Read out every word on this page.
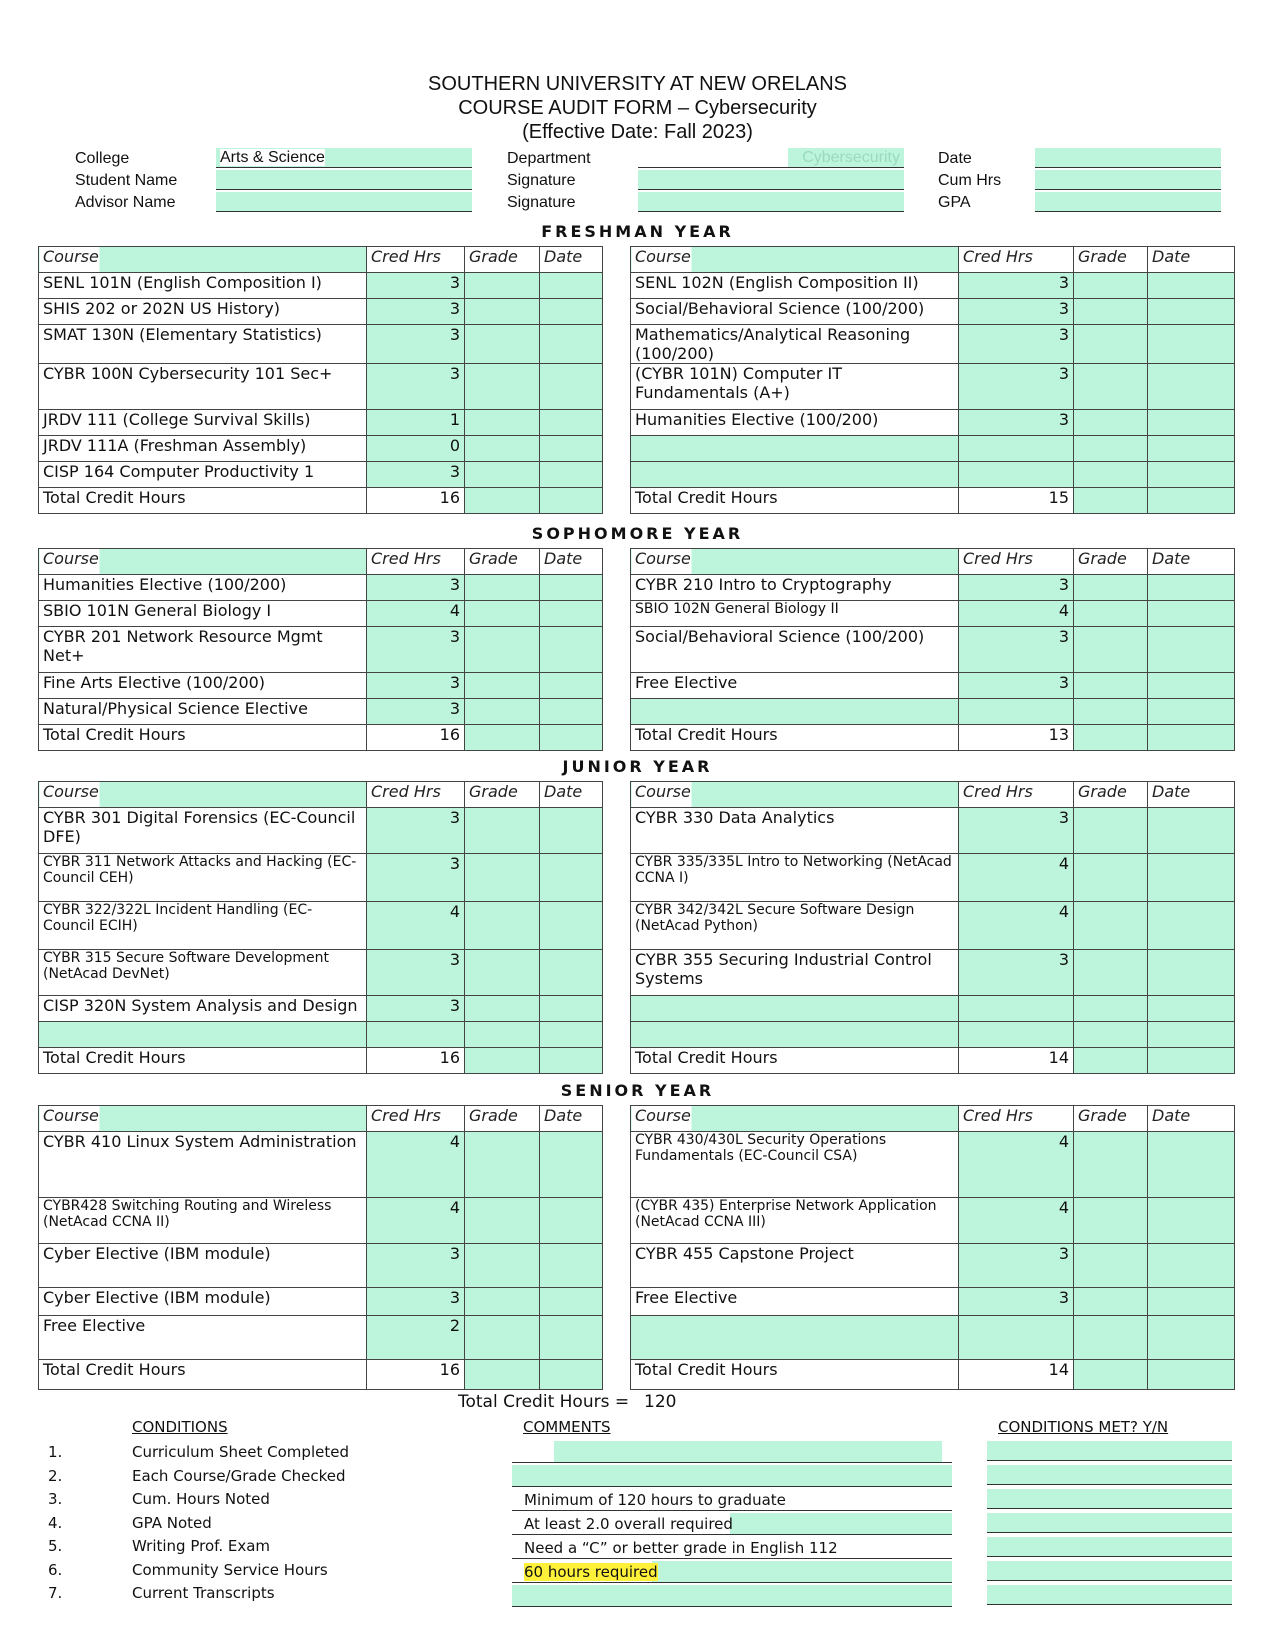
SOUTHERN UNIVERSITY AT NEW ORELANS
COURSE AUDIT FORM – Cybersecurity
(Effective Date: Fall 2023)
College	Arts & Science
Student Name
Advisor Name
Department	Cybersecurity
Signature
Signature
Date
Cum Hrs
GPA
FRESHMAN YEAR
Course	Cred Hrs	Grade	Date		Course	Cred Hrs	Grade	Date
SENL 101N (English Composition I)	3				SENL 102N (English Composition II)	3		
SHIS 202 or 202N US History)	3				Social/Behavioral Science (100/200)	3		
SMAT 130N (Elementary Statistics)	3				Mathematics/Analytical Reasoning (100/200)	3		
CYBR 100N Cybersecurity 101 Sec+	3				(CYBR 101N) Computer IT Fundamentals (A+)	3		
JRDV 111 (College Survival Skills)	1				Humanities Elective (100/200)	3		
JRDV 111A (Freshman Assembly)	0							
CISP 164 Computer Productivity 1	3							
Total Credit Hours	16				Total Credit Hours	15		
SOPHOMORE YEAR
Course	Cred Hrs	Grade	Date		Course	Cred Hrs	Grade	Date
Humanities Elective (100/200)	3				CYBR 210 Intro to Cryptography	3		
SBIO 101N General Biology I	4				SBIO 102N General Biology II	4		
CYBR 201 Network Resource Mgmt Net+	3				Social/Behavioral Science (100/200)	3		
Fine Arts Elective (100/200)	3				Free Elective	3		
Natural/Physical Science Elective	3							
Total Credit Hours	16				Total Credit Hours	13		
JUNIOR YEAR
Course	Cred Hrs	Grade	Date		Course	Cred Hrs	Grade	Date
CYBR 301 Digital Forensics (EC-Council DFE)	3				CYBR 330 Data Analytics	3		
CYBR 311 Network Attacks and Hacking (EC-Council CEH)	3				CYBR 335/335L Intro to Networking (NetAcad CCNA I)	4		
CYBR 322/322L Incident Handling (EC-Council ECIH)	4				CYBR 342/342L Secure Software Design (NetAcad Python)	4		
CYBR 315 Secure Software Development (NetAcad DevNet)	3				CYBR 355 Securing Industrial Control Systems	3		
CISP 320N System Analysis and Design	3							

Total Credit Hours	16				Total Credit Hours	14		
SENIOR YEAR
Course	Cred Hrs	Grade	Date		Course	Cred Hrs	Grade	Date
CYBR 410 Linux System Administration	4				CYBR 430/430L Security Operations Fundamentals (EC-Council CSA)	4		
CYBR428 Switching Routing and Wireless (NetAcad CCNA II)	4				(CYBR 435) Enterprise Network Application (NetAcad CCNA III)	4		
Cyber Elective (IBM module)	3				CYBR 455 Capstone Project	3		
Cyber Elective (IBM module)	3				Free Elective	3		
Free Elective	2							
Total Credit Hours	16				Total Credit Hours	14		
Total Credit Hours = 120
CONDITIONS
1.	Curriculum Sheet Completed
2.	Each Course/Grade Checked
3.	Cum. Hours Noted
4.	GPA Noted
5.	Writing Prof. Exam
6.	Community Service Hours
7.	Current Transcripts
COMMENTS
Minimum of 120 hours to graduate
At least 2.0 overall required
Need a “C” or better grade in English 112
60 hours required
CONDITIONS MET? Y/N
